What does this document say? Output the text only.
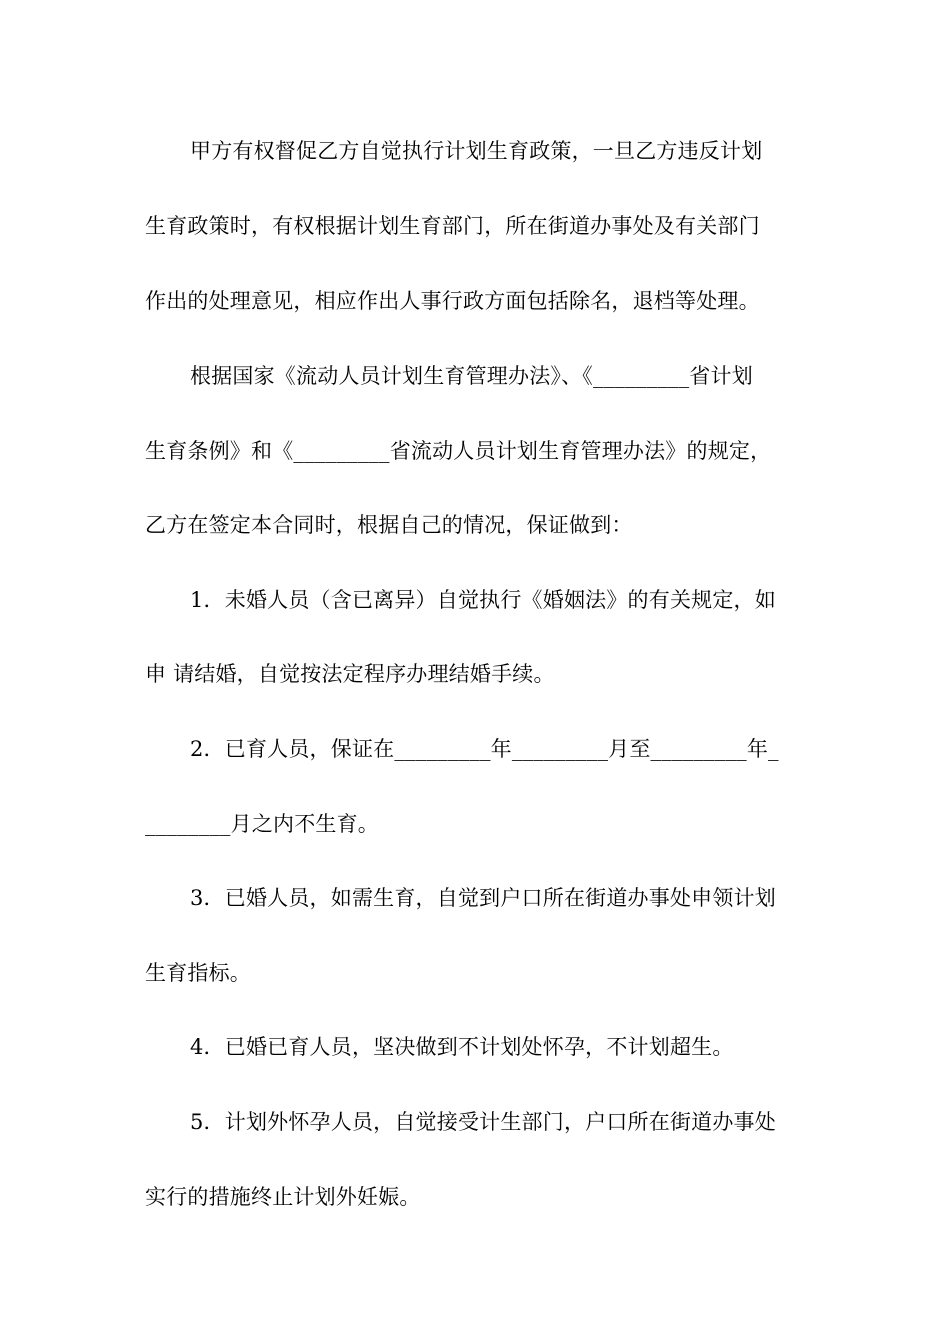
甲方有权督促乙方自觉执行计划生育政策，一旦乙方违反计划
生育政策时，有权根据计划生育部门，所在街道办事处及有关部门
作出的处理意见，相应作出人事行政方面包括除名，退档等处理。
根据国家《流动人员计划生育管理办法》、《_________省计划
生育条例》和《_________省流动人员计划生育管理办法》的规定，
乙方在签定本合同时，根据自己的情况，保证做到：
1．未婚人员（含已离异）自觉执行《婚姻法》的有关规定，如
申 请结婚，自觉按法定程序办理结婚手续。
2．已育人员，保证在_________年_________月至_________年_
________月之内不生育。
3．已婚人员，如需生育，自觉到户口所在街道办事处申领计划
生育指标。
4．已婚已育人员，坚决做到不计划处怀孕，不计划超生。
5．计划外怀孕人员，自觉接受计生部门，户口所在街道办事处
实行的措施终止计划外妊娠。
